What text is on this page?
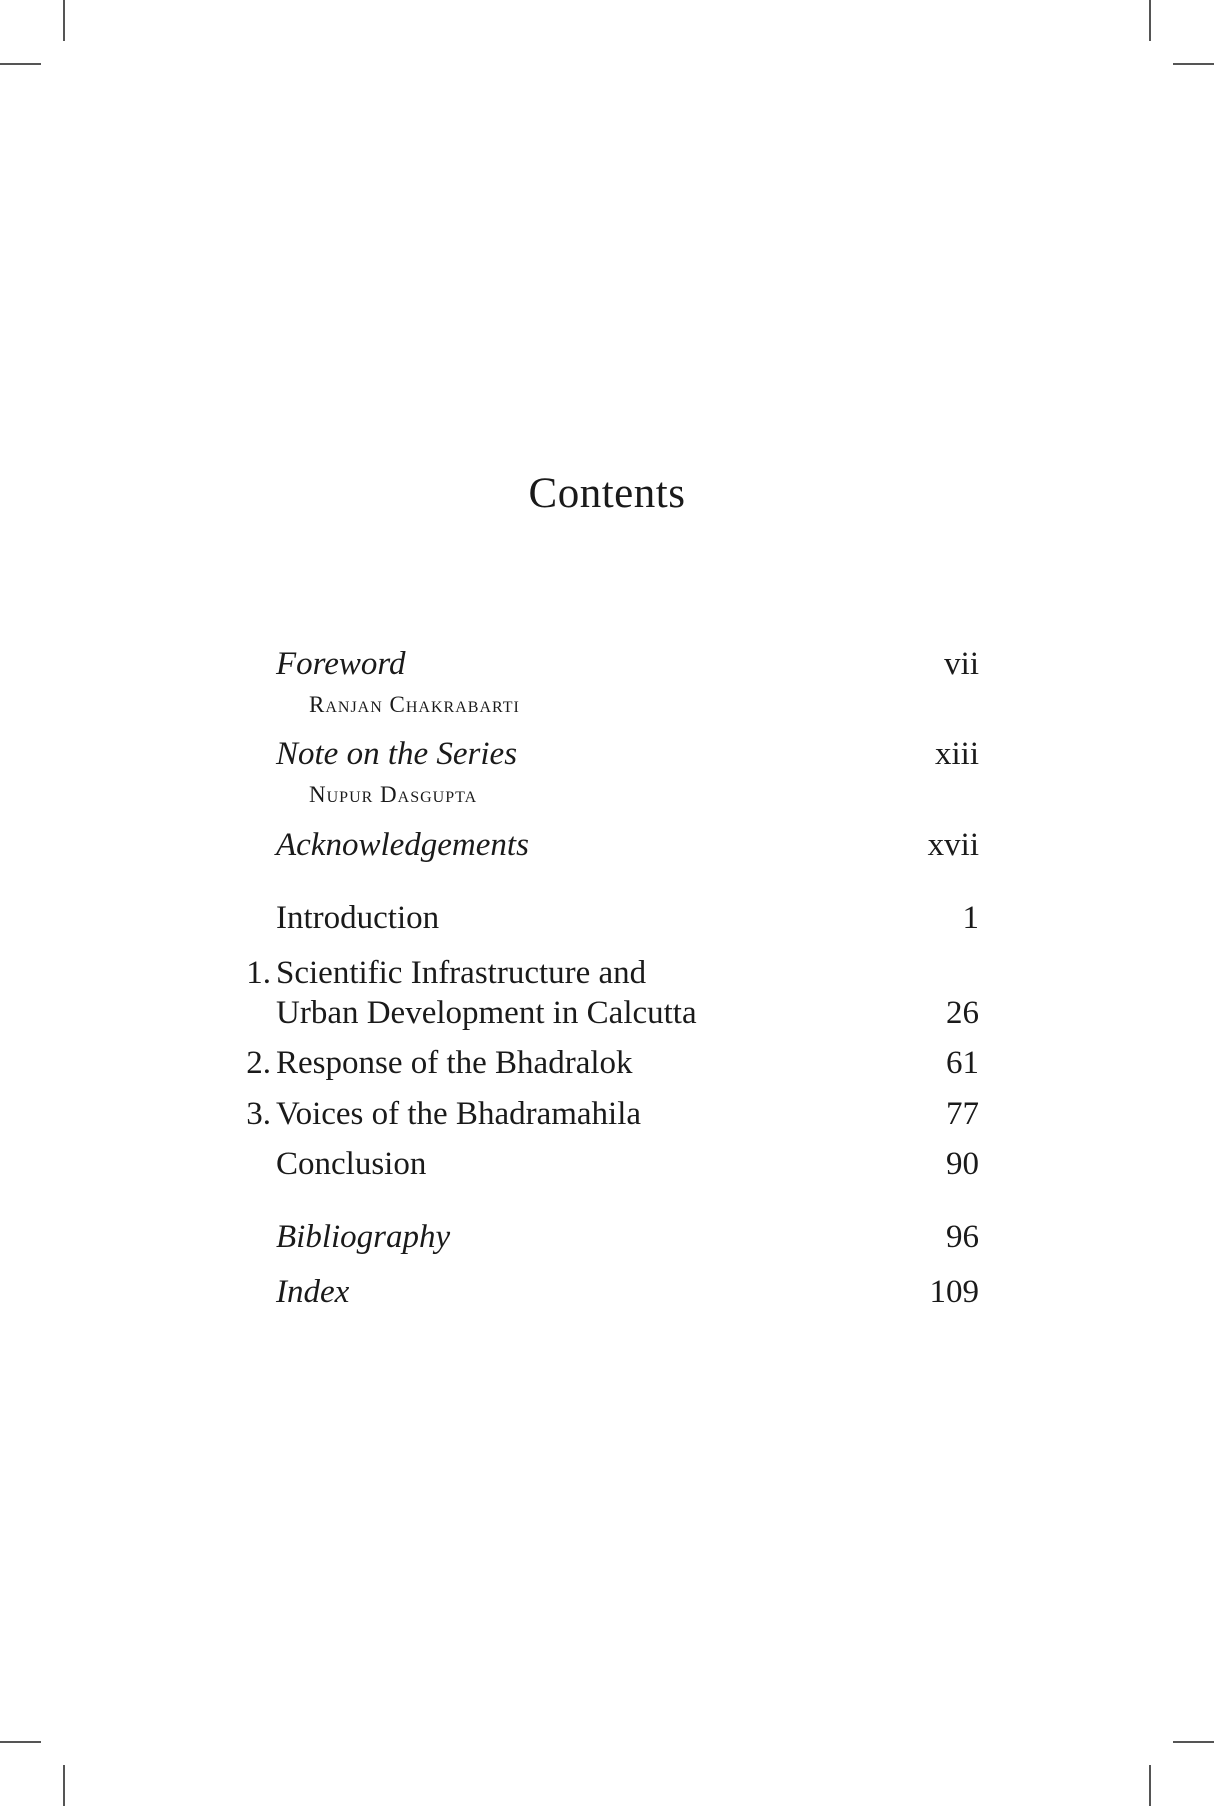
Contents
Foreword	vii
Ranjan Chakrabarti
Note on the Series	xiii
Nupur Dasgupta
Acknowledgements	xvii
Introduction	1
1. Scientific Infrastructure and
Urban Development in Calcutta	26
2. Response of the Bhadralok	61
3. Voices of the Bhadramahila	77
Conclusion	90
Bibliography	96
Index	109
